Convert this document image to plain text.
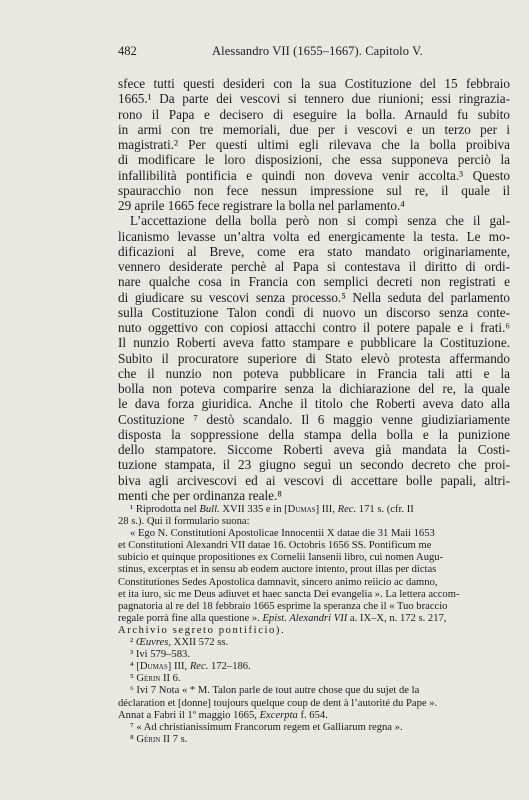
482	Alessandro VII (1655–1667). Capitolo V.
sfece tutti questi desideri con la sua Costituzione del 15 febbraio
1665.¹ Da parte dei vescovi si tennero due riunioni; essi ringrazia-
rono il Papa e decisero di eseguire la bolla. Arnauld fu subito
in armi con tre memoriali, due per i vescovi e un terzo per i
magistrati.² Per questi ultimi egli rilevava che la bolla proibiva
di modificare le loro disposizioni, che essa supponeva perciò la
infallibilità pontificia e quindi non doveva venir accolta.³ Questo
spauracchio non fece nessun impressione sul re, il quale il
29 aprile 1665 fece registrare la bolla nel parlamento.⁴
L’accettazione della bolla però non si compì senza che il gal-
licanismo levasse un’altra volta ed energicamente la testa. Le mo-
dificazioni al Breve, come era stato mandato originariamente,
vennero desiderate perchè al Papa si contestava il diritto di ordi-
nare qualche cosa in Francia con semplici decreti non registrati e
di giudicare su vescovi senza processo.⁵ Nella seduta del parlamento
sulla Costituzione Talon condì di nuovo un discorso senza conte-
nuto oggettivo con copiosi attacchi contro il potere papale e i frati.⁶
Il nunzio Roberti aveva fatto stampare e pubblicare la Costituzione.
Subito il procuratore superiore di Stato elevò protesta affermando
che il nunzio non poteva pubblicare in Francia tali atti e la
bolla non poteva comparire senza la dichiarazione del re, la quale
le dava forza giuridica. Anche il titolo che Roberti aveva dato alla
Costituzione ⁷ destò scandalo. Il 6 maggio venne giudiziariamente
disposta la soppressione della stampa della bolla e la punizione
dello stampatore. Siccome Roberti aveva già mandata la Costi-
tuzione stampata, il 23 giugno seguì un secondo decreto che proi-
biva agli arcivescovi ed ai vescovi di accettare bolle papali, altri-
menti che per ordinanza reale.⁸
¹ Riprodotta nel Bull. XVII 335 e in [Dumas] III, Rec. 171 s. (cfr. II
28 s.). Qui il formulario suona:
« Ego N. Constitutioni Apostolicae Innocentii X datae die 31 Maii 1653
et Constitutioni Alexandri VII datae 16. Octobris 1656 SS. Pontificum me
subicio et quinque propositiones ex Cornelii Iansenii libro, cui nomen Augu-
stinus, excerptas et in sensu ab eodem auctore intento, prout illas per dictas
Constitutiones Sedes Apostolica damnavit, sincero animo reiicio ac damno,
et ita iuro, sic me Deus adiuvet et haec sancta Dei evangelia ». La lettera accom-
pagnatoria al re del 18 febbraio 1665 esprime la speranza che il « Tuo braccio
regale porrà fine alla questione ». Epist. Alexandri VII a. IX–X, n. 172 s. 217,
Archivio segreto pontificio).
² Œuvres, XXII 572 ss.
³ Ivi 579–583.
⁴ [Dumas] III, Rec. 172–186.
⁵ Gérin II 6.
⁶ Ivi 7 Nota « * M. Talon parle de tout autre chose que du sujet de la
déclaration et [donne] toujours quelque coup de dent à l’autorité du Pape ».
Annat a Fabri il 1º maggio 1665, Excerpta f. 654.
⁷ « Ad christianissimum Francorum regem et Galliarum regna ».
⁸ Gérin II 7 s.
